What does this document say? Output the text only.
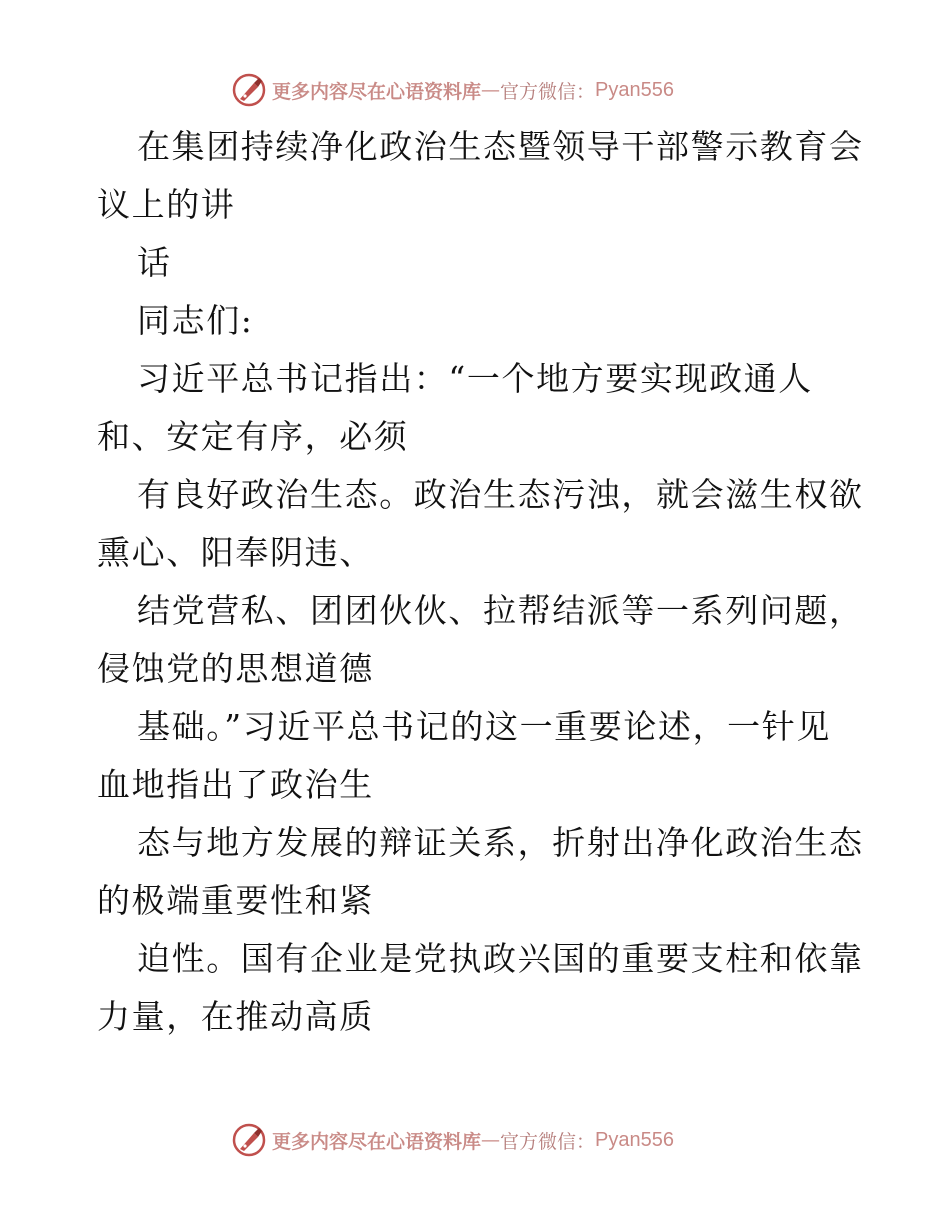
更多内容尽在心语资料库 — 官方微信： Pyan556
在集团持续净化政治生态暨领导干部警示教育会
议上的讲
话
同志们:
习近平总书记指出：“一个地方要实现政通人
和、安定有序，必须
有良好政治生态。政治生态污浊，就会滋生权欲
熏心、阳奉阴违、
结党营私、团团伙伙、拉帮结派等一系列问题，
侵蚀党的思想道德
基础。”习近平总书记的这一重要论述，一针见
血地指出了政治生
态与地方发展的辩证关系，折射出净化政治生态
的极端重要性和紧
迫性。国有企业是党执政兴国的重要支柱和依靠
力量，在推动高质
更多内容尽在心语资料库 — 官方微信： Pyan556
